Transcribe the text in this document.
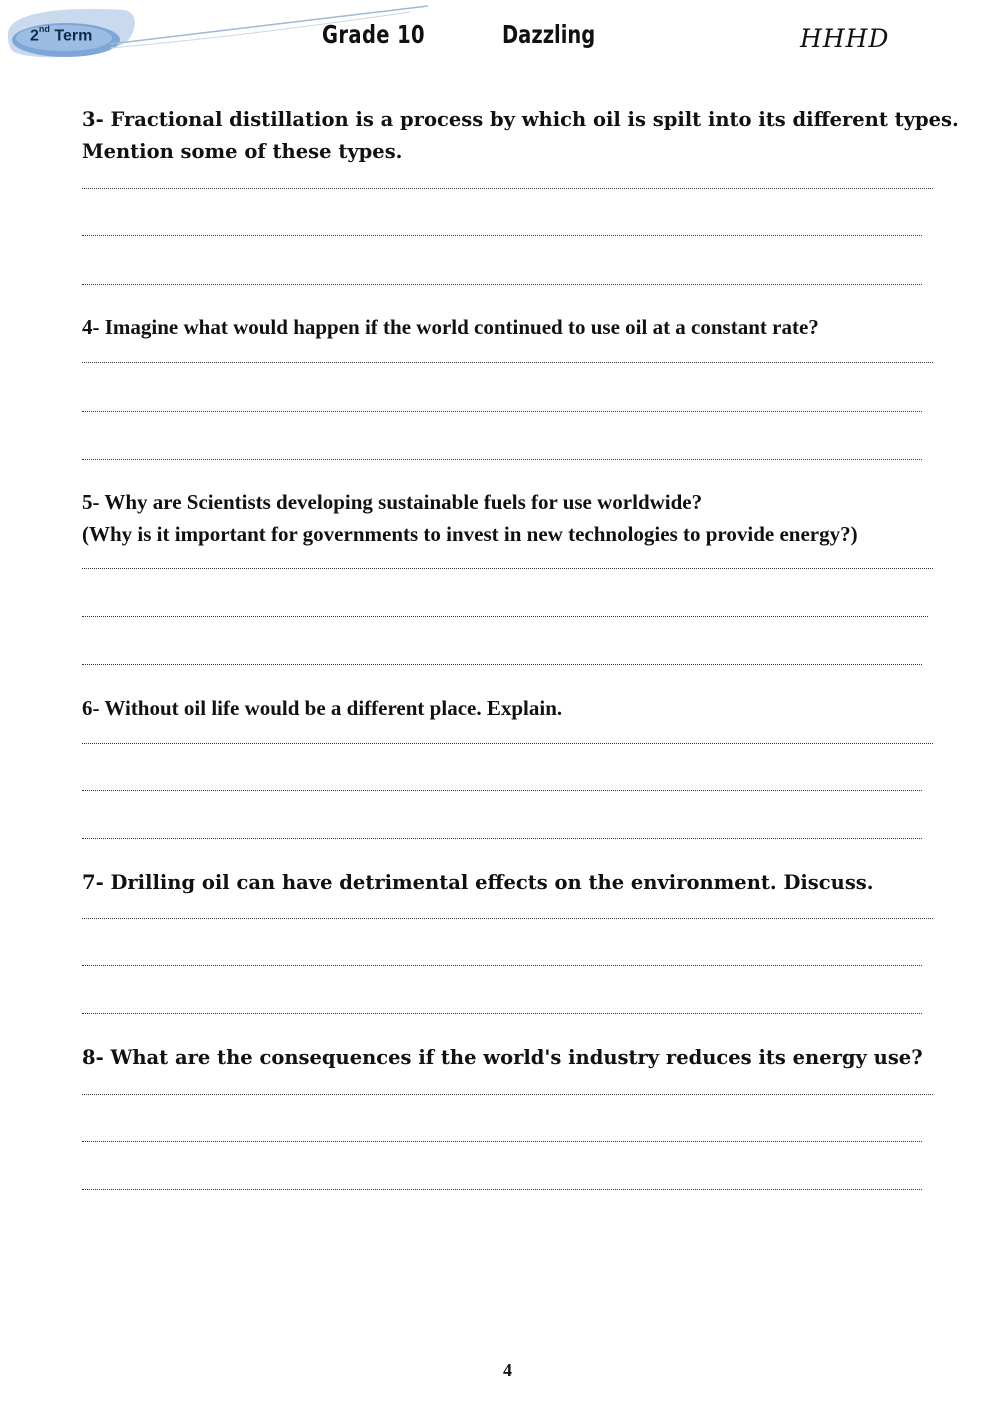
2nd Term	Grade 10	Dazzling	HHHD
3- Fractional distillation is a process by which oil is spilt into its different types.
Mention some of these types.
4- Imagine what would happen if the world continued to use oil at a constant rate?
5- Why are Scientists developing sustainable fuels for use worldwide?
(Why is it important for governments to invest in new technologies to provide energy?)
6- Without oil life would be a different place. Explain.
7- Drilling oil can have detrimental effects on the environment. Discuss.
8- What are the consequences if the world's industry reduces its energy use?
4
